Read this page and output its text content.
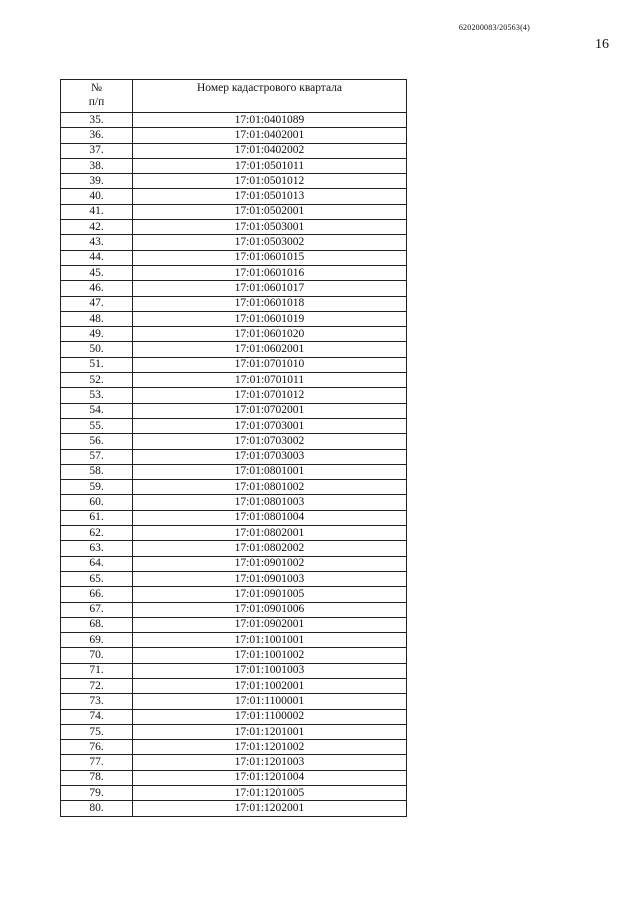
620200083/20563(4)
16
№
п/п	Номер кадастрового квартала
35.	17:01:0401089
36.	17:01:0402001
37.	17:01:0402002
38.	17:01:0501011
39.	17:01:0501012
40.	17:01:0501013
41.	17:01:0502001
42.	17:01:0503001
43.	17:01:0503002
44.	17:01:0601015
45.	17:01:0601016
46.	17:01:0601017
47.	17:01:0601018
48.	17:01:0601019
49.	17:01:0601020
50.	17:01:0602001
51.	17:01:0701010
52.	17:01:0701011
53.	17:01:0701012
54.	17:01:0702001
55.	17:01:0703001
56.	17:01:0703002
57.	17:01:0703003
58.	17:01:0801001
59.	17:01:0801002
60.	17:01:0801003
61.	17:01:0801004
62.	17:01:0802001
63.	17:01:0802002
64.	17:01:0901002
65.	17:01:0901003
66.	17:01:0901005
67.	17:01:0901006
68.	17:01:0902001
69.	17:01:1001001
70.	17:01:1001002
71.	17:01:1001003
72.	17:01:1002001
73.	17:01:1100001
74.	17:01:1100002
75.	17:01:1201001
76.	17:01:1201002
77.	17:01:1201003
78.	17:01:1201004
79.	17:01:1201005
80.	17:01:1202001
